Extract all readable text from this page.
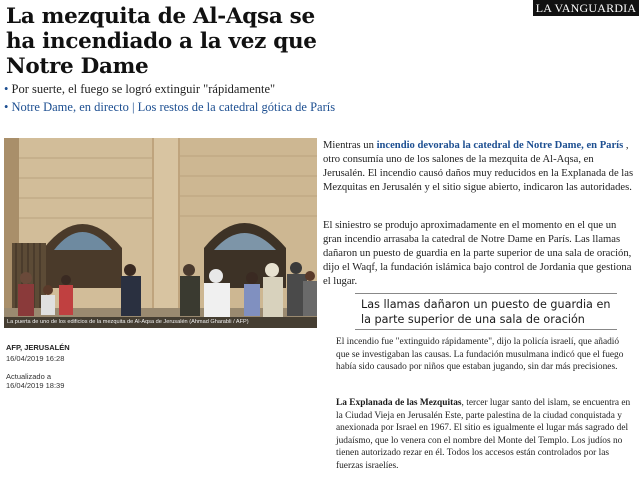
LA VANGUARDIA
La mezquita de Al-Aqsa se ha incendiado a la vez que Notre Dame
• Por suerte, el fuego se logró extinguir "rápidamente"
• Notre Dame, en directo | Los restos de la catedral gótica de París
La puerta de uno de los edificios de la mezquita de Al-Aqsa de Jerusalén (Ahmad Gharabli / AFP)
AFP, JERUSALÉN
16/04/2019 16:28
Actualizado a
16/04/2019 18:39

Mientras un incendio devoraba la catedral de Notre Dame, en París , otro consumía uno de los salones de la mezquita de Al-Aqsa, en Jerusalén. El incendio causó daños muy reducidos en la Explanada de las Mezquitas en Jerusalén y el sitio sigue abierto, indicaron las autoridades.

El siniestro se produjo aproximadamente en el momento en el que un gran incendio arrasaba la catedral de Notre Dame en París. Las llamas dañaron un puesto de guardia en la parte superior de una sala de oración, dijo el Waqf, la fundación islámica bajo control de Jordania que gestiona el lugar.

Las llamas dañaron un puesto de guardia en la parte superior de una sala de oración

El incendio fue "extinguido rápidamente", dijo la policía israelí, que añadió que se investigaban las causas. La fundación musulmana indicó que el fuego había sido causado por niños que estaban jugando, sin dar más precisiones.

La Explanada de las Mezquitas, tercer lugar santo del islam, se encuentra en la Ciudad Vieja en Jerusalén Este, parte palestina de la ciudad conquistada y anexionada por Israel en 1967. El sitio es igualmente el lugar más sagrado del judaísmo, que lo venera con el nombre del Monte del Templo. Los judíos no tienen autorizado rezar en él. Todos los accesos están controlados por las fuerzas israelíes.
